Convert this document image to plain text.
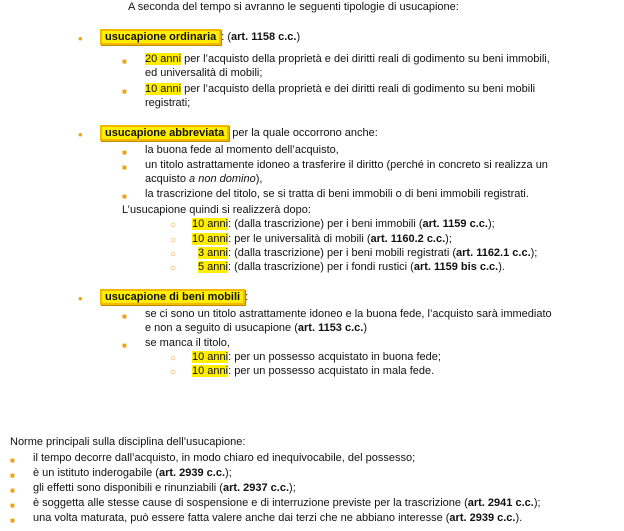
A seconda del tempo si avranno le seguenti tipologie di usucapione:
•	usucapione ordinaria : (art. 1158 c.c.)
■ 20 anni per l’acquisto della proprietà e dei diritti reali di godimento su beni immobili,
ed universalità di mobili;
■ 10 anni per l’acquisto della proprietà e dei diritti reali di godimento su beni mobili
registrati;
•	usucapione abbreviata per la quale occorrono anche:
■ la buona fede al momento dell’acquisto,
■ un titolo astrattamente idoneo a trasferire il diritto (perché in concreto si realizza un
acquisto a non domino),
■ la trascrizione del titolo, se si tratta di beni immobili o di beni immobili registrati.
L’usucapione quindi si realizzerà dopo:
○ 10 anni: (dalla trascrizione) per i beni immobili (art. 1159 c.c.);
○ 10 anni: per le universalità di mobili (art. 1160.2 c.c.);
○ 3 anni: (dalla trascrizione) per i beni mobili registrati (art. 1162.1 c.c.);
○ 5 anni: (dalla trascrizione) per i fondi rustici (art. 1159 bis c.c.).
•	usucapione di beni mobili :
■ se ci sono un titolo astrattamente idoneo e la buona fede, l’acquisto sarà immediato
e non a seguito di usucapione (art. 1153 c.c.)
■ se manca il titolo,
○ 10 anni: per un possesso acquistato in buona fede;
○ 10 anni: per un possesso acquistato in mala fede.
Norme principali sulla disciplina dell’usucapione:
■ il tempo decorre dall’acquisto, in modo chiaro ed inequivocabile, del possesso;
■ è un istituto inderogabile (art. 2939 c.c.);
■ gli effetti sono disponibili e rinunziabili (art. 2937 c.c.);
■ è soggetta alle stesse cause di sospensione e di interruzione previste per la trascrizione (art. 2941 c.c.);
■ una volta maturata, può essere fatta valere anche dai terzi che ne abbiano interesse (art. 2939 c.c.).
